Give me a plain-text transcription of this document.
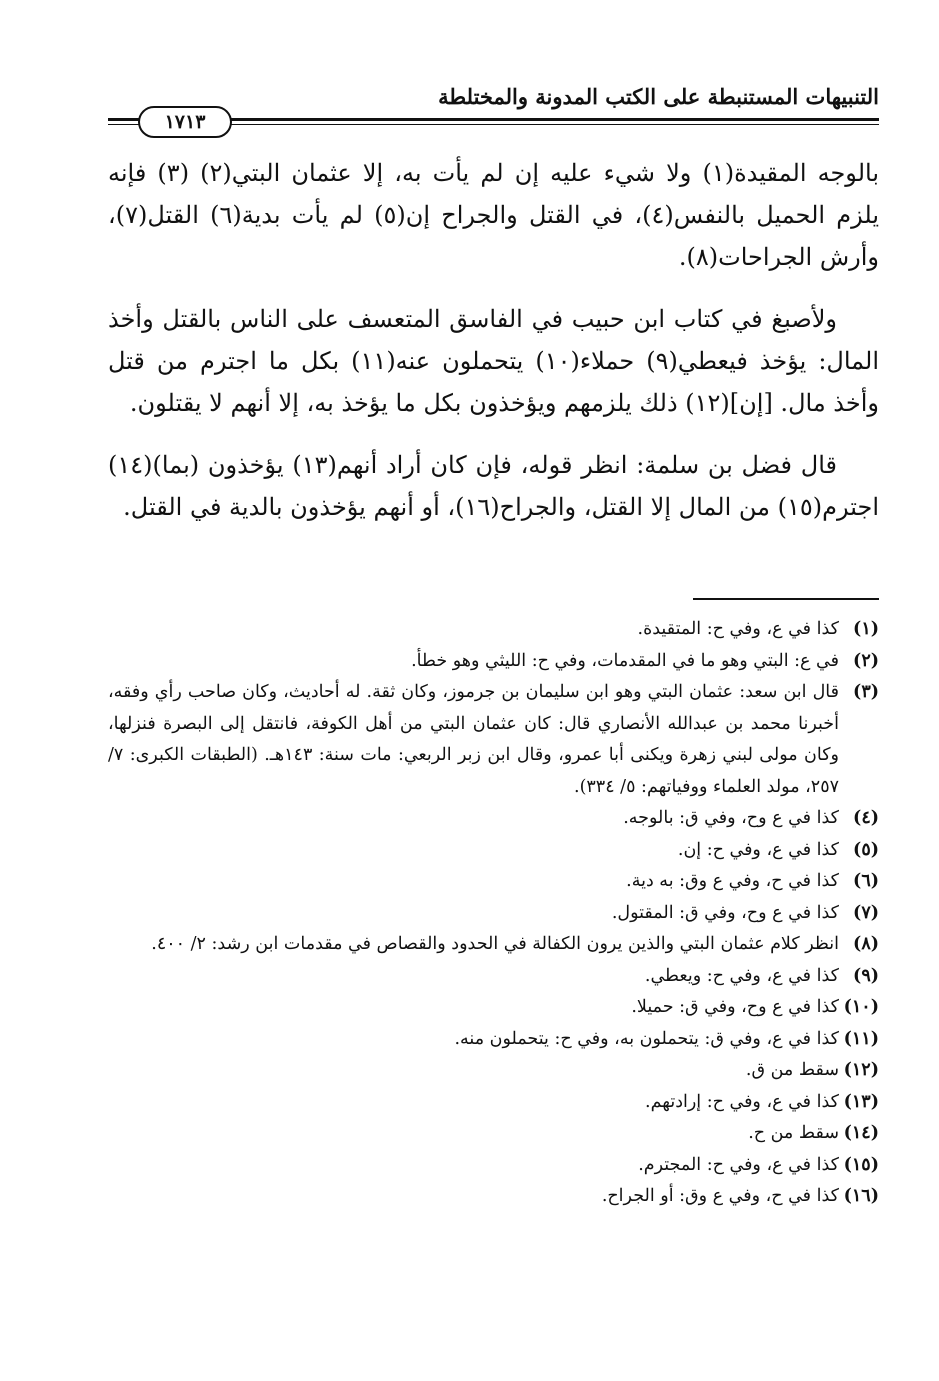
التنبيهات المستنبطة على الكتب المدونة والمختلطة
١٧١٣

بالوجه المقيدة(١) ولا شيء عليه إن لم يأت به، إلا عثمان البتي(٢) (٣) فإنه يلزم الحميل بالنفس(٤)، في القتل والجراح إن(٥) لم يأت بدية(٦) القتل(٧)، وأرش الجراحات(٨).

ولأصبغ في كتاب ابن حبيب في الفاسق المتعسف على الناس بالقتل وأخذ المال: يؤخذ فيعطي(٩) حملاء(١٠) يتحملون عنه(١١) بكل ما اجترم من قتل وأخذ مال. [إن](١٢) ذلك يلزمهم ويؤخذون بكل ما يؤخذ به، إلا أنهم لا يقتلون.

قال فضل بن سلمة: انظر قوله، فإن كان أراد أنهم(١٣) يؤخذون (بما)(١٤) اجترم(١٥) من المال إلا القتل، والجراح(١٦)، أو أنهم يؤخذون بالدية في القتل.

(١)
كذا في ع، وفي ح: المتقيدة.
(٢)
في ع: البتي وهو ما في المقدمات، وفي ح: الليثي وهو خطأ.
(٣)
قال ابن سعد: عثمان البتي وهو ابن سليمان بن جرموز، وكان ثقة. له أحاديث، وكان صاحب رأي وفقه، أخبرنا محمد بن عبدالله الأنصاري قال: كان عثمان البتي من أهل الكوفة، فانتقل إلى البصرة فنزلها، وكان مولى لبني زهرة ويكنى أبا عمرو، وقال ابن زبر الربعي: مات سنة: ١٤٣هـ. (الطبقات الكبرى: ٧/ ٢٥٧، مولد العلماء ووفياتهم: ٥/ ٣٣٤).
(٤)
كذا في ع وح، وفي ق: بالوجه.
(٥)
كذا في ع، وفي ح: إن.
(٦)
كذا في ح، وفي ع وق: به دية.
(٧)
كذا في ع وح، وفي ق: المقتول.
(٨)
انظر كلام عثمان البتي والذين يرون الكفالة في الحدود والقصاص في مقدمات ابن رشد: ٢/ ٤٠٠.
(٩)
كذا في ع، وفي ح: ويعطي.
(١٠)
كذا في ع وح، وفي ق: حميلا.
(١١)
كذا في ع، وفي ق: يتحملون به، وفي ح: يتحملون منه.
(١٢)
سقط من ق.
(١٣)
كذا في ع، وفي ح: إرادتهم.
(١٤)
سقط من ح.
(١٥)
كذا في ع، وفي ح: المجترم.
(١٦)
كذا في ح، وفي ع وق: أو الجراح.
